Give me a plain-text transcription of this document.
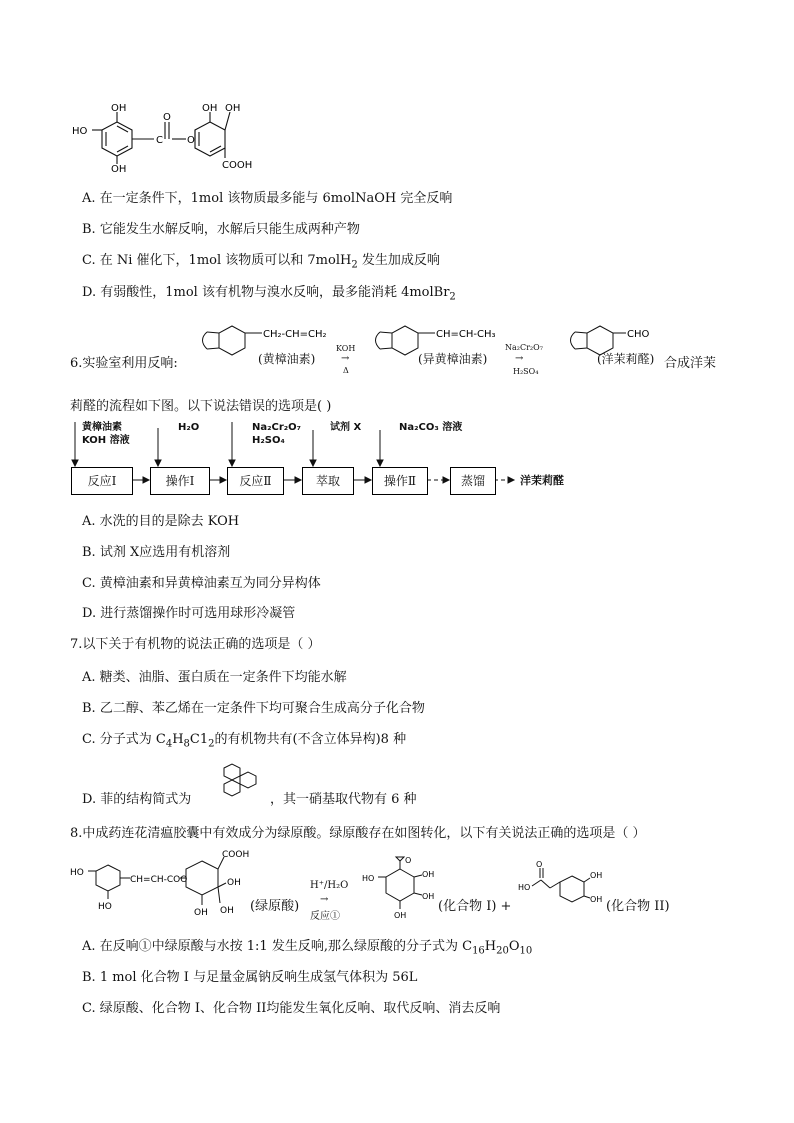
OH
HO
OH
C
O
O
OH OH
COOH
A. 在一定条件下，1mol 该物质最多能与 6molNaOH 完全反响
B. 它能发生水解反响，水解后只能生成两种产物
C. 在 Ni 催化下，1mol 该物质可以和 7molH$_2$ 发生加成反响
D. 有弱酸性，1mol 该有机物与溴水反响，最多能消耗 4molBr$_2$
6.实验室利用反响:
CH₂-CH=CH₂
(黄樟油素)
KOH
→
Δ
CH=CH-CH₃
(异黄樟油素)
Na₂Cr₂O₇
→
H₂SO₄
CHO
(洋茉莉醛) 合成洋茉
莉醛的流程如下图。以下说法错误的选项是( )
黄樟油素
KOH 溶液
H₂O	Na₂Cr₂O₇
H₂SO₄
试剂 X	Na₂CO₃ 溶液
反应Ⅰ	操作Ⅰ	反应Ⅱ	萃取	操作Ⅱ	蒸馏	洋茉莉醛
A. 水洗的目的是除去 KOH
B. 试剂 X应选用有机溶剂
C. 黄樟油素和异黄樟油素互为同分异构体
D. 进行蒸馏操作时可选用球形冷凝管
7.以下关于有机物的说法正确的选项是（ ）
A. 糖类、油脂、蛋白质在一定条件下均能水解
B. 乙二醇、苯乙烯在一定条件下均可聚合生成高分子化合物
C. 分子式为 $C_4H_8C1_2$的有机物共有(不含立体异构)8 种
D. 菲的结构简式为	，其一硝基取代物有 6 种
8.中成药连花清瘟胶囊中有效成分为绿原酸。绿原酸存在如图转化，以下有关说法正确的选项是（ ）
HO
HO
CH=CH-COO
COOH
OH
OH OH (绿原酸)
H⁺/H₂O
→
反应①
HO
O
OH
OH
OH
(化合物 I) +
O
HO
OH
OH (化合物 II)
A. 在反响①中绿原酸与水按 1:1 发生反响,那么绿原酸的分子式为 $C_{16}H_{20}O_{10}$
B. 1 mol 化合物 I 与足量金属钠反响生成氢气体积为 56L
C. 绿原酸、化合物 I、化合物 II均能发生氧化反响、取代反响、消去反响
